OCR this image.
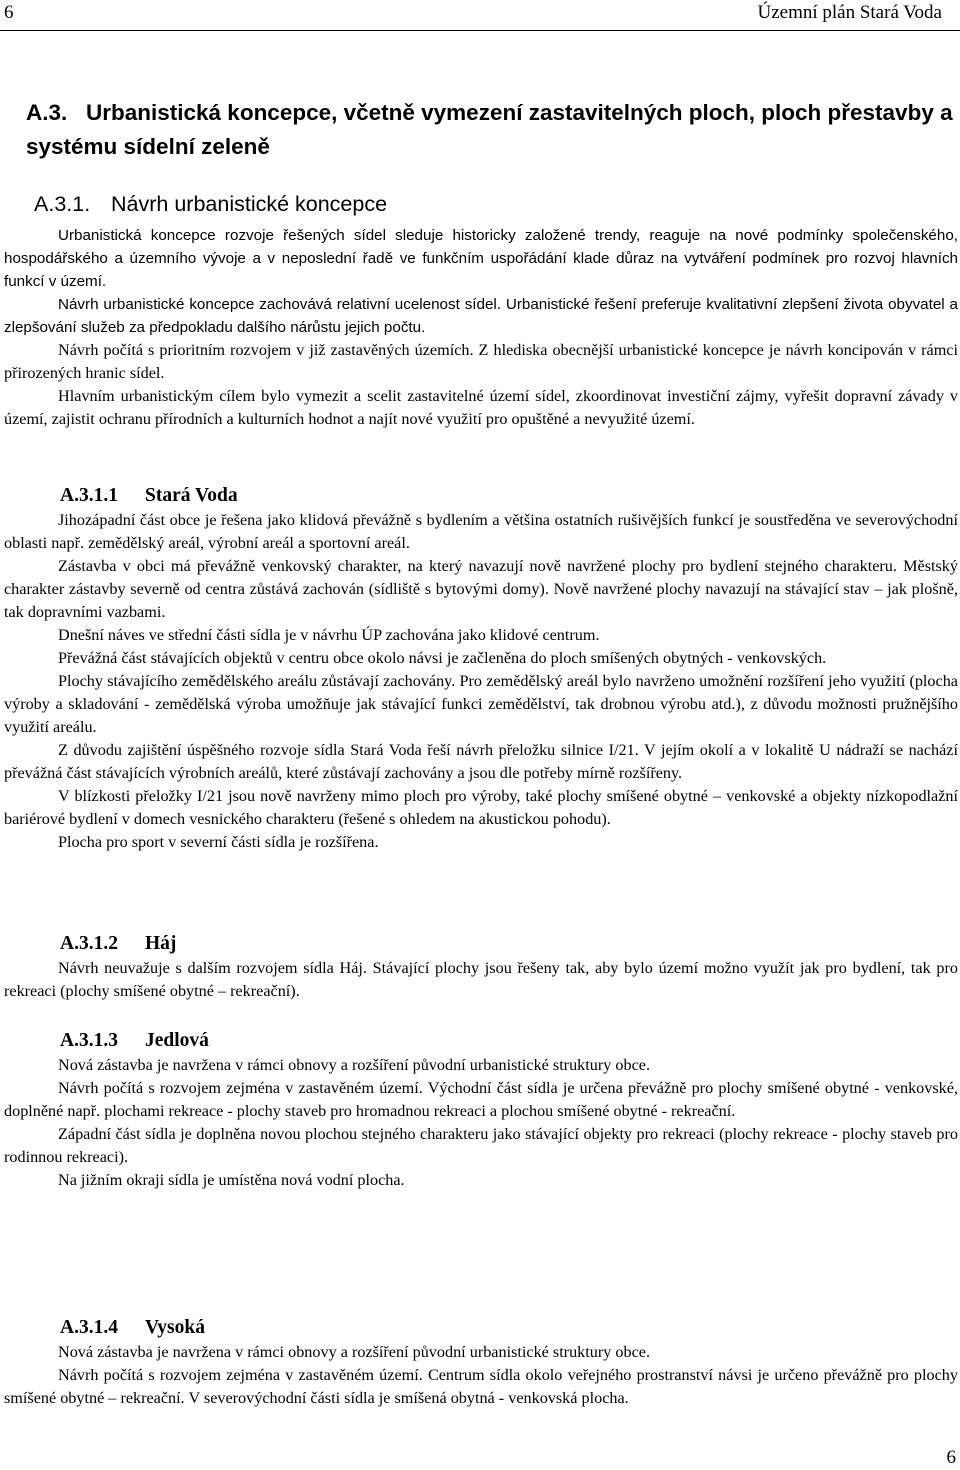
6	Územní plán Stará Voda
A.3. Urbanistická koncepce, včetně vymezení zastavitelných ploch, ploch přestavby a systému sídelní zeleně
A.3.1. Návrh urbanistické koncepce

Urbanistická koncepce rozvoje řešených sídel sleduje historicky založené trendy, reaguje na nové podmínky společenského, hospodářského a územního vývoje a v neposlední řadě ve funkčním uspořádání klade důraz na vytváření podmínek pro rozvoj hlavních funkcí v území.

Návrh urbanistické koncepce zachovává relativní ucelenost sídel. Urbanistické řešení preferuje kvalitativní zlepšení života obyvatel a zlepšování služeb za předpokladu dalšího nárůstu jejich počtu.

Návrh počítá s prioritním rozvojem v již zastavěných územích. Z hlediska obecnější urbanistické koncepce je návrh koncipován v rámci přirozených hranic sídel.

Hlavním urbanistickým cílem bylo vymezit a scelit zastavitelné území sídel, zkoordinovat investiční zájmy, vyřešit dopravní závady v území, zajistit ochranu přírodních a kulturních hodnot a najít nové využití pro opuštěné a nevyužité území.

A.3.1.1 Stará Voda

Jihozápadní část obce je řešena jako klidová převážně s bydlením a většina ostatních rušivějších funkcí je soustředěna ve severovýchodní oblasti např. zemědělský areál, výrobní areál a sportovní areál.

Zástavba v obci má převážně venkovský charakter, na který navazují nově navržené plochy pro bydlení stejného charakteru. Městský charakter zástavby severně od centra zůstává zachován (sídliště s bytovými domy). Nově navržené plochy navazují na stávající stav – jak plošně, tak dopravními vazbami.

Dnešní náves ve střední části sídla je v návrhu ÚP zachována jako klidové centrum.

Převážná část stávajících objektů v centru obce okolo návsi je začleněna do ploch smíšených obytných - venkovských.

Plochy stávajícího zemědělského areálu zůstávají zachovány. Pro zemědělský areál bylo navrženo umožnění rozšíření jeho využití (plocha výroby a skladování - zemědělská výroba umožňuje jak stávající funkci zemědělství, tak drobnou výrobu atd.), z důvodu možnosti pružnějšího využití areálu.

Z důvodu zajištění úspěšného rozvoje sídla Stará Voda řeší návrh přeložku silnice I/21. V jejím okolí a v lokalitě U nádraží se nachází převážná část stávajících výrobních areálů, které zůstávají zachovány a jsou dle potřeby mírně rozšířeny.

V blízkosti přeložky I/21 jsou nově navrženy mimo ploch pro výroby, také plochy smíšené obytné – venkovské a objekty nízkopodlažní bariérové bydlení v domech vesnického charakteru (řešené s ohledem na akustickou pohodu).

Plocha pro sport v severní části sídla je rozšířena.

A.3.1.2 Háj

Návrh neuvažuje s dalším rozvojem sídla Háj. Stávající plochy jsou řešeny tak, aby bylo území možno využít jak pro bydlení, tak pro rekreaci (plochy smíšené obytné – rekreační).

A.3.1.3 Jedlová

Nová zástavba je navržena v rámci obnovy a rozšíření původní urbanistické struktury obce.

Návrh počítá s rozvojem zejména v zastavěném území. Východní část sídla je určena převážně pro plochy smíšené obytné - venkovské, doplněné např. plochami rekreace - plochy staveb pro hromadnou rekreaci a plochou smíšené obytné - rekreační.

Západní část sídla je doplněna novou plochou stejného charakteru jako stávající objekty pro rekreaci (plochy rekreace - plochy staveb pro rodinnou rekreaci).

Na jižním okraji sídla je umístěna nová vodní plocha.

A.3.1.4 Vysoká

Nová zástavba je navržena v rámci obnovy a rozšíření původní urbanistické struktury obce.

Návrh počítá s rozvojem zejména v zastavěném území. Centrum sídla okolo veřejného prostranství návsi je určeno převážně pro plochy smíšené obytné – rekreační. V severovýchodní části sídla je smíšená obytná - venkovská plocha.

6
